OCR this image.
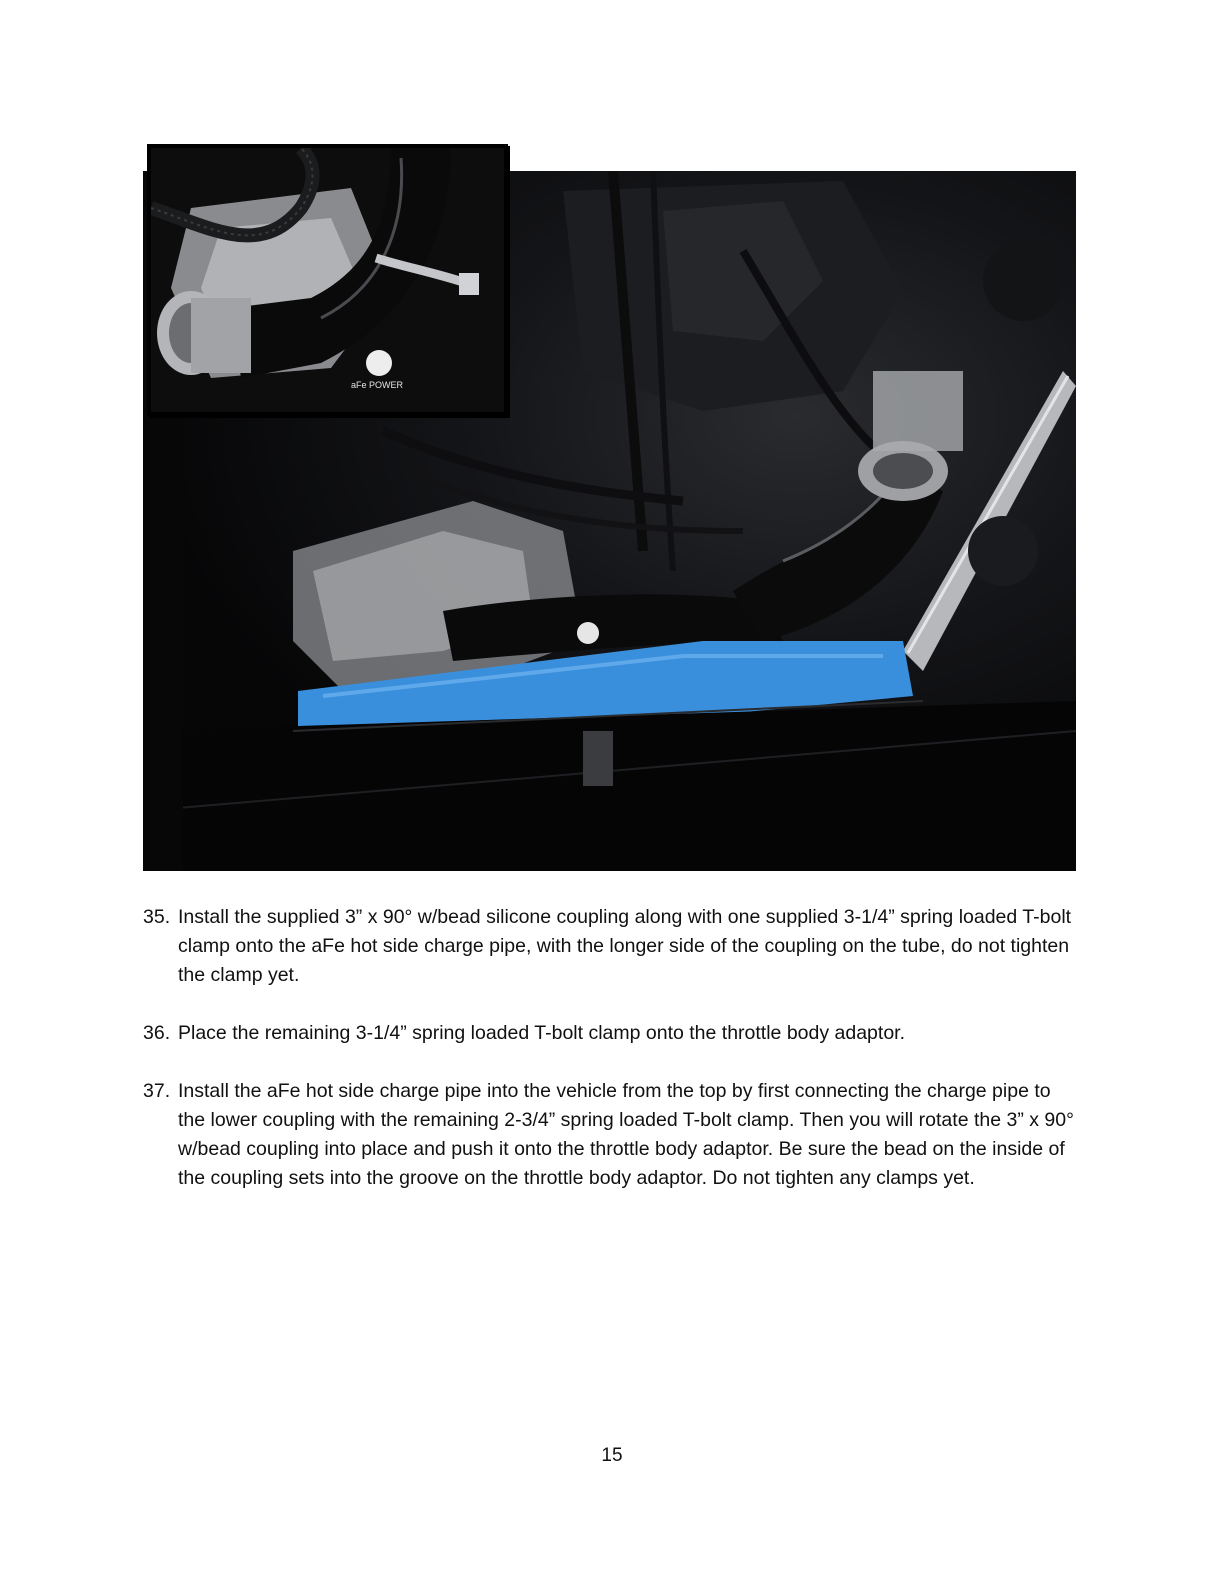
aFe POWER
35. Install the supplied 3” x 90° w/bead silicone coupling along with one supplied 3-1/4” spring loaded T-bolt clamp onto the aFe hot side charge pipe, with the longer side of the coupling on the tube, do not tighten the clamp yet.
36. Place the remaining 3-1/4” spring loaded T-bolt clamp onto the throttle body adaptor.
37. Install the aFe hot side charge pipe into the vehicle from the top by first connecting the charge pipe to the lower coupling with the remaining 2-3/4” spring loaded T-bolt clamp. Then you will rotate the 3” x 90° w/bead coupling into place and push it onto the throttle body adaptor. Be sure the bead on the inside of the coupling sets into the groove on the throttle body adaptor. Do not tighten any clamps yet.
15
